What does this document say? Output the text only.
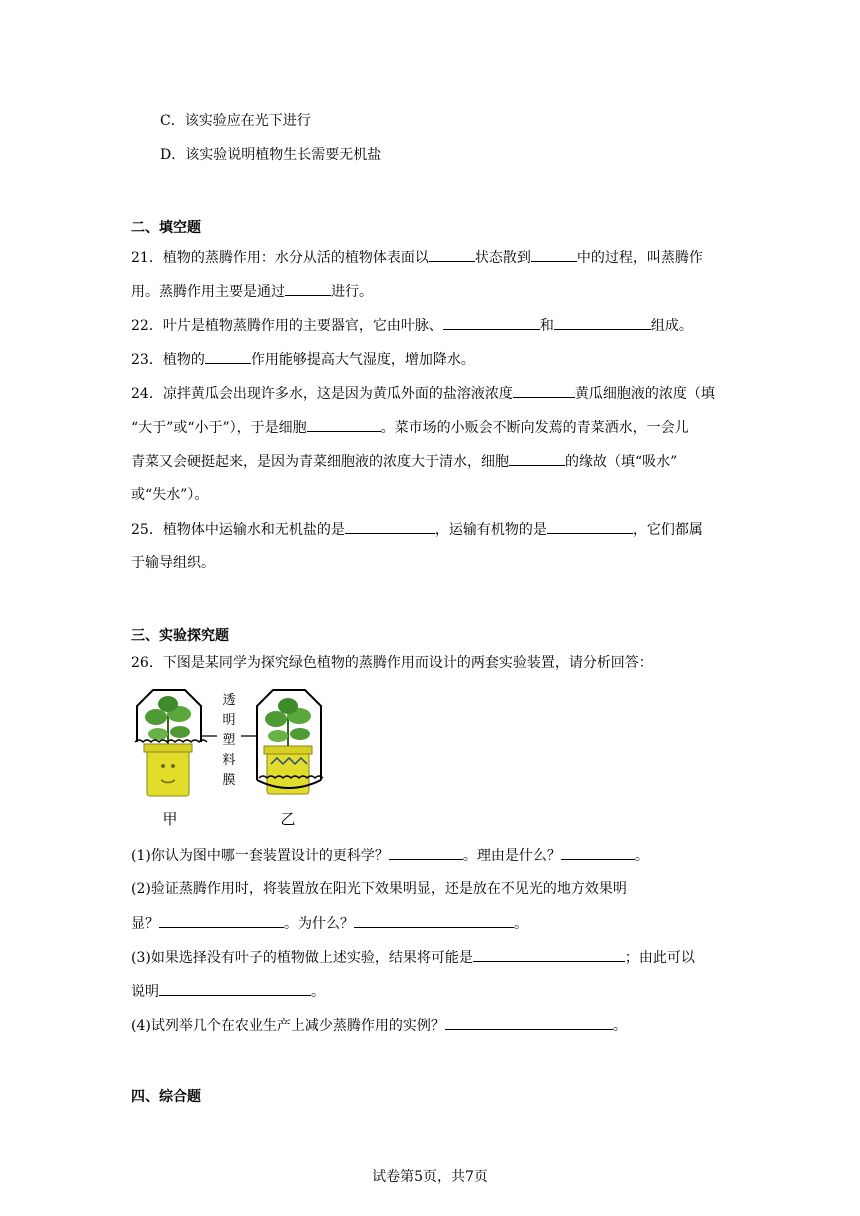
C．该实验应在光下进行
D．该实验说明植物生长需要无机盐
二、填空题
21．植物的蒸腾作用：水分从活的植物体表面以	状态散到	中的过程，叫蒸腾作
用。蒸腾作用主要是通过	进行。
22．叶片是植物蒸腾作用的主要器官，它由叶脉、	和	组成。
23．植物的	作用能够提高大气湿度，增加降水。
24．凉拌黄瓜会出现许多水，这是因为黄瓜外面的盐溶液浓度	黄瓜细胞液的浓度（填
“大于”或“小于”），于是细胞	。菜市场的小贩会不断向发蔫的青菜洒水，一会儿
青菜又会硬挺起来，是因为青菜细胞液的浓度大于清水，细胞	的缘故（填“吸水”
或“失水”）。
25．植物体中运输水和无机盐的是	，运输有机物的是	，它们都属
于输导组织。
三、实验探究题
26．下图是某同学为探究绿色植物的蒸腾作用而设计的两套实验装置，请分析回答：
透
明
塑
料
膜
甲	乙
(1)你认为图中哪一套装置设计的更科学？	。理由是什么？	。
(2)验证蒸腾作用时，将装置放在阳光下效果明显，还是放在不见光的地方效果明
显？	。为什么？	。
(3)如果选择没有叶子的植物做上述实验，结果将可能是	；由此可以
说明	。
(4)试列举几个在农业生产上减少蒸腾作用的实例？	。
四、综合题
试卷第5页，共7页
